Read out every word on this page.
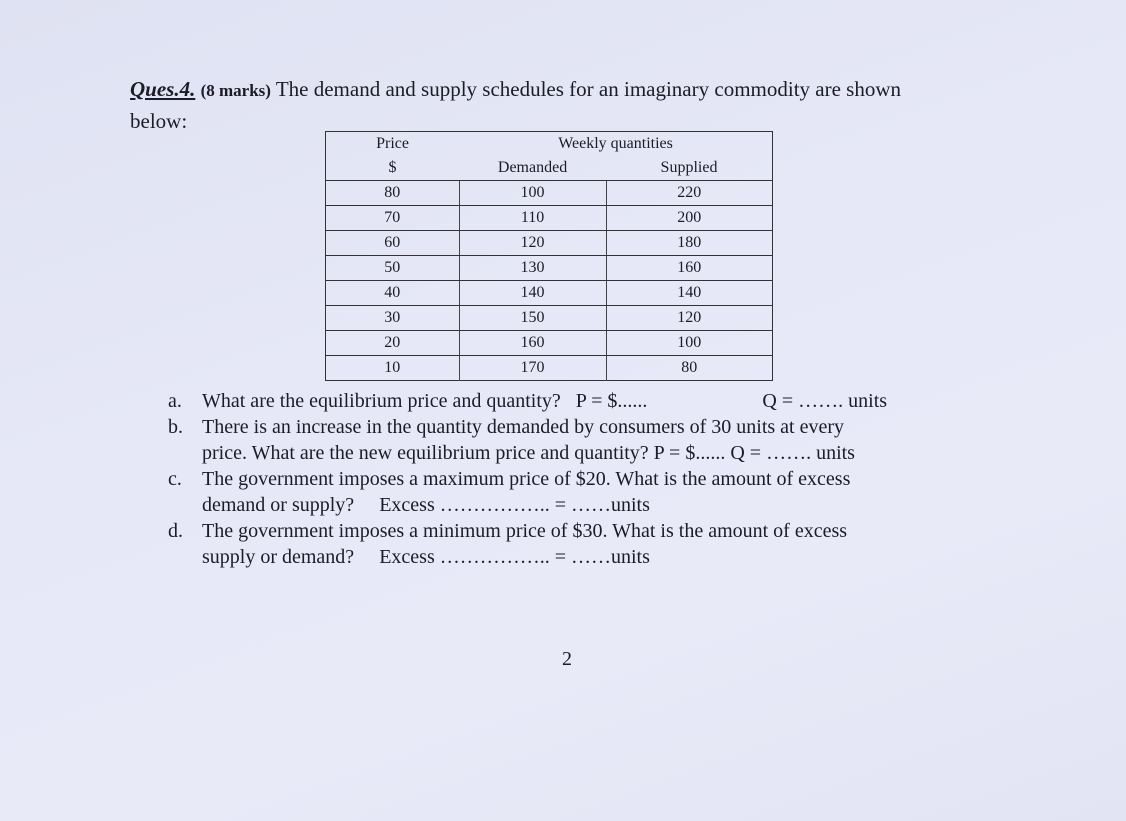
Ques.4. (8 marks) The demand and supply schedules for an imaginary commodity are shown
below:
Price	Weekly quantities	
$	Demanded	Supplied
80	100	220
70	110	200
60	120	180
50	130	160
40	140	140
30	150	120
20	160	100
10	170	80
a. What are the equilibrium price and quantity?   P = $......                       Q = ……. units
b. There is an increase in the quantity demanded by consumers of 30 units at every
price. What are the new equilibrium price and quantity? P = $...... Q = ……. units
c. The government imposes a maximum price of $20. What is the amount of excess
demand or supply?     Excess …………….. = ……units
d. The government imposes a minimum price of $30. What is the amount of excess
supply or demand?     Excess …………….. = ……units
2
